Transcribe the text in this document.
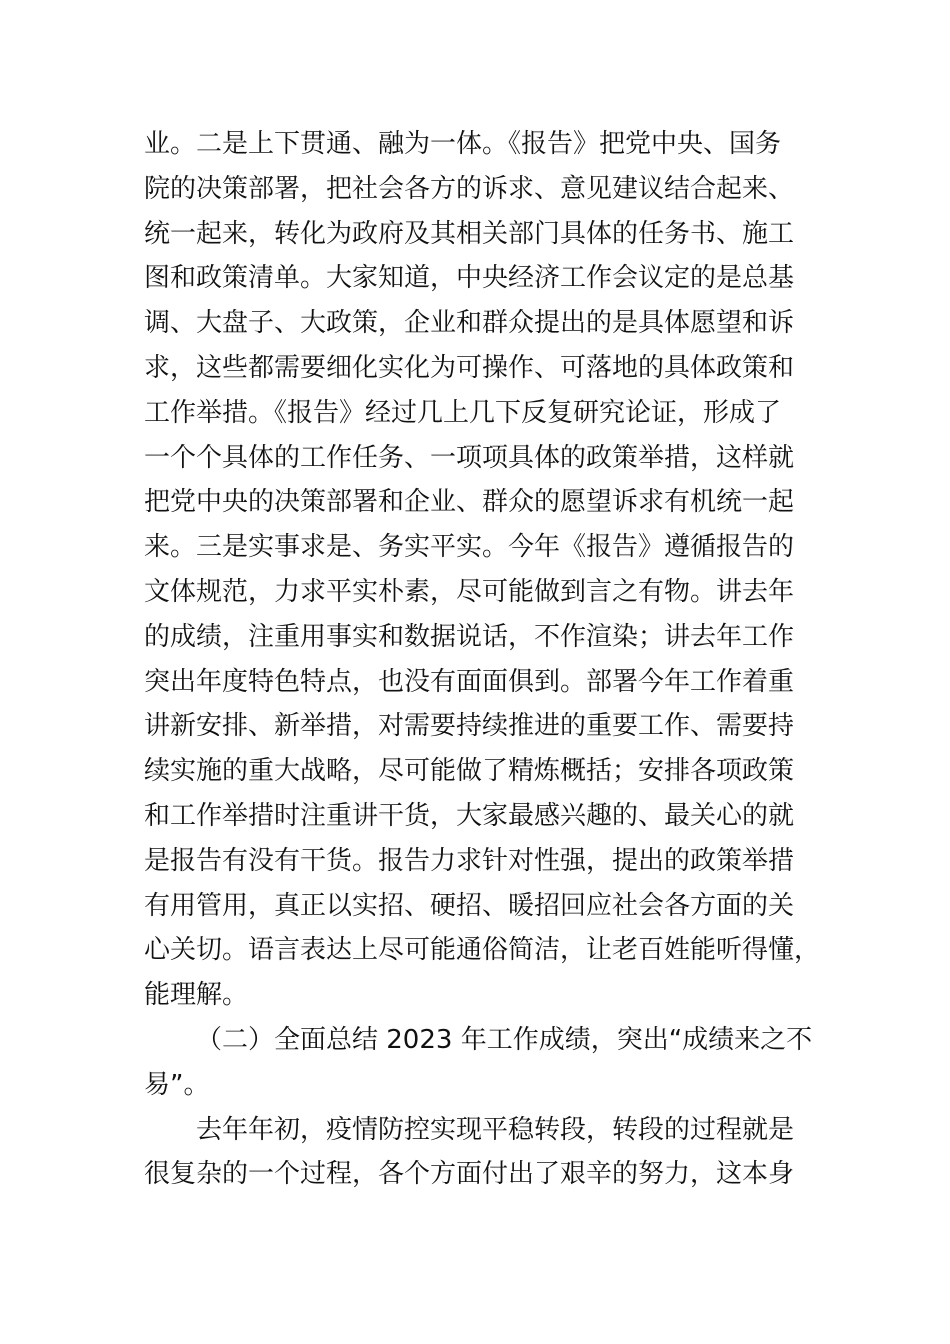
业。二是上下贯通、融为一体。《报告》把党中央、国务
院的决策部署，把社会各方的诉求、意见建议结合起来、
统一起来，转化为政府及其相关部门具体的任务书、施工
图和政策清单。大家知道，中央经济工作会议定的是总基
调、大盘子、大政策，企业和群众提出的是具体愿望和诉
求，这些都需要细化实化为可操作、可落地的具体政策和
工作举措。《报告》经过几上几下反复研究论证，形成了
一个个具体的工作任务、一项项具体的政策举措，这样就
把党中央的决策部署和企业、群众的愿望诉求有机统一起
来。三是实事求是、务实平实。今年《报告》遵循报告的
文体规范，力求平实朴素，尽可能做到言之有物。讲去年
的成绩，注重用事实和数据说话，不作渲染；讲去年工作
突出年度特色特点，也没有面面俱到。部署今年工作着重
讲新安排、新举措，对需要持续推进的重要工作、需要持
续实施的重大战略，尽可能做了精炼概括；安排各项政策
和工作举措时注重讲干货，大家最感兴趣的、最关心的就
是报告有没有干货。报告力求针对性强，提出的政策举措
有用管用，真正以实招、硬招、暖招回应社会各方面的关
心关切。语言表达上尽可能通俗简洁，让老百姓能听得懂，
能理解。
（二）全面总结 2023 年工作成绩，突出“成绩来之不
易”。
去年年初，疫情防控实现平稳转段，转段的过程就是
很复杂的一个过程，各个方面付出了艰辛的努力，这本身
